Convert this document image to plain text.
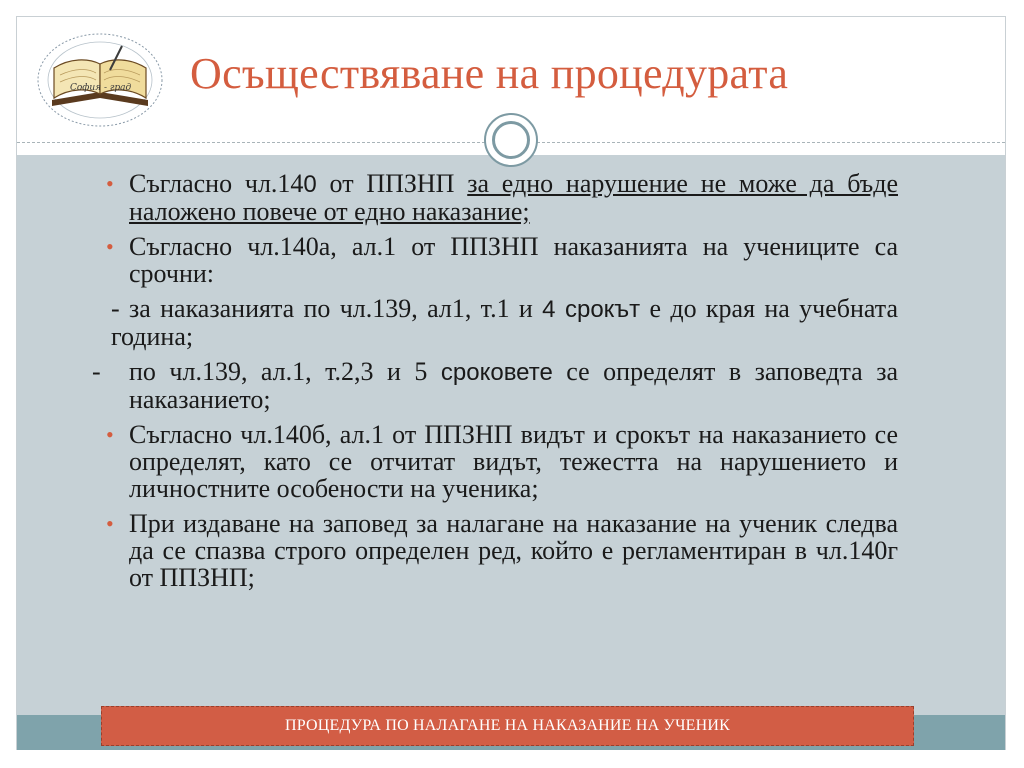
София - град Осъществяване на процедурата
• Съгласно чл.140 от ППЗНП за едно нарушение не може да бъде наложено повече от едно наказание;
• Съгласно чл.140а, ал.1 от ППЗНП наказанията на учениците са срочни:
- за наказанията по чл.139, ал1, т.1 и 4 срокът е до края на учебната година;
- по чл.139, ал.1, т.2,3 и 5 сроковете се определят в заповедта за наказанието;
• Съгласно чл.140б, ал.1 от ППЗНП видът и срокът на наказанието се определят, като се отчитат видът, тежестта на нарушението и личностните особености на ученика;
• При издаване на заповед за налагане на наказание на ученик следва да се спазва строго определен ред, който е регламентиран в чл.140г от ППЗНП;
ПРОЦЕДУРА ПО НАЛАГАНЕ НА НАКАЗАНИЕ НА УЧЕНИК
